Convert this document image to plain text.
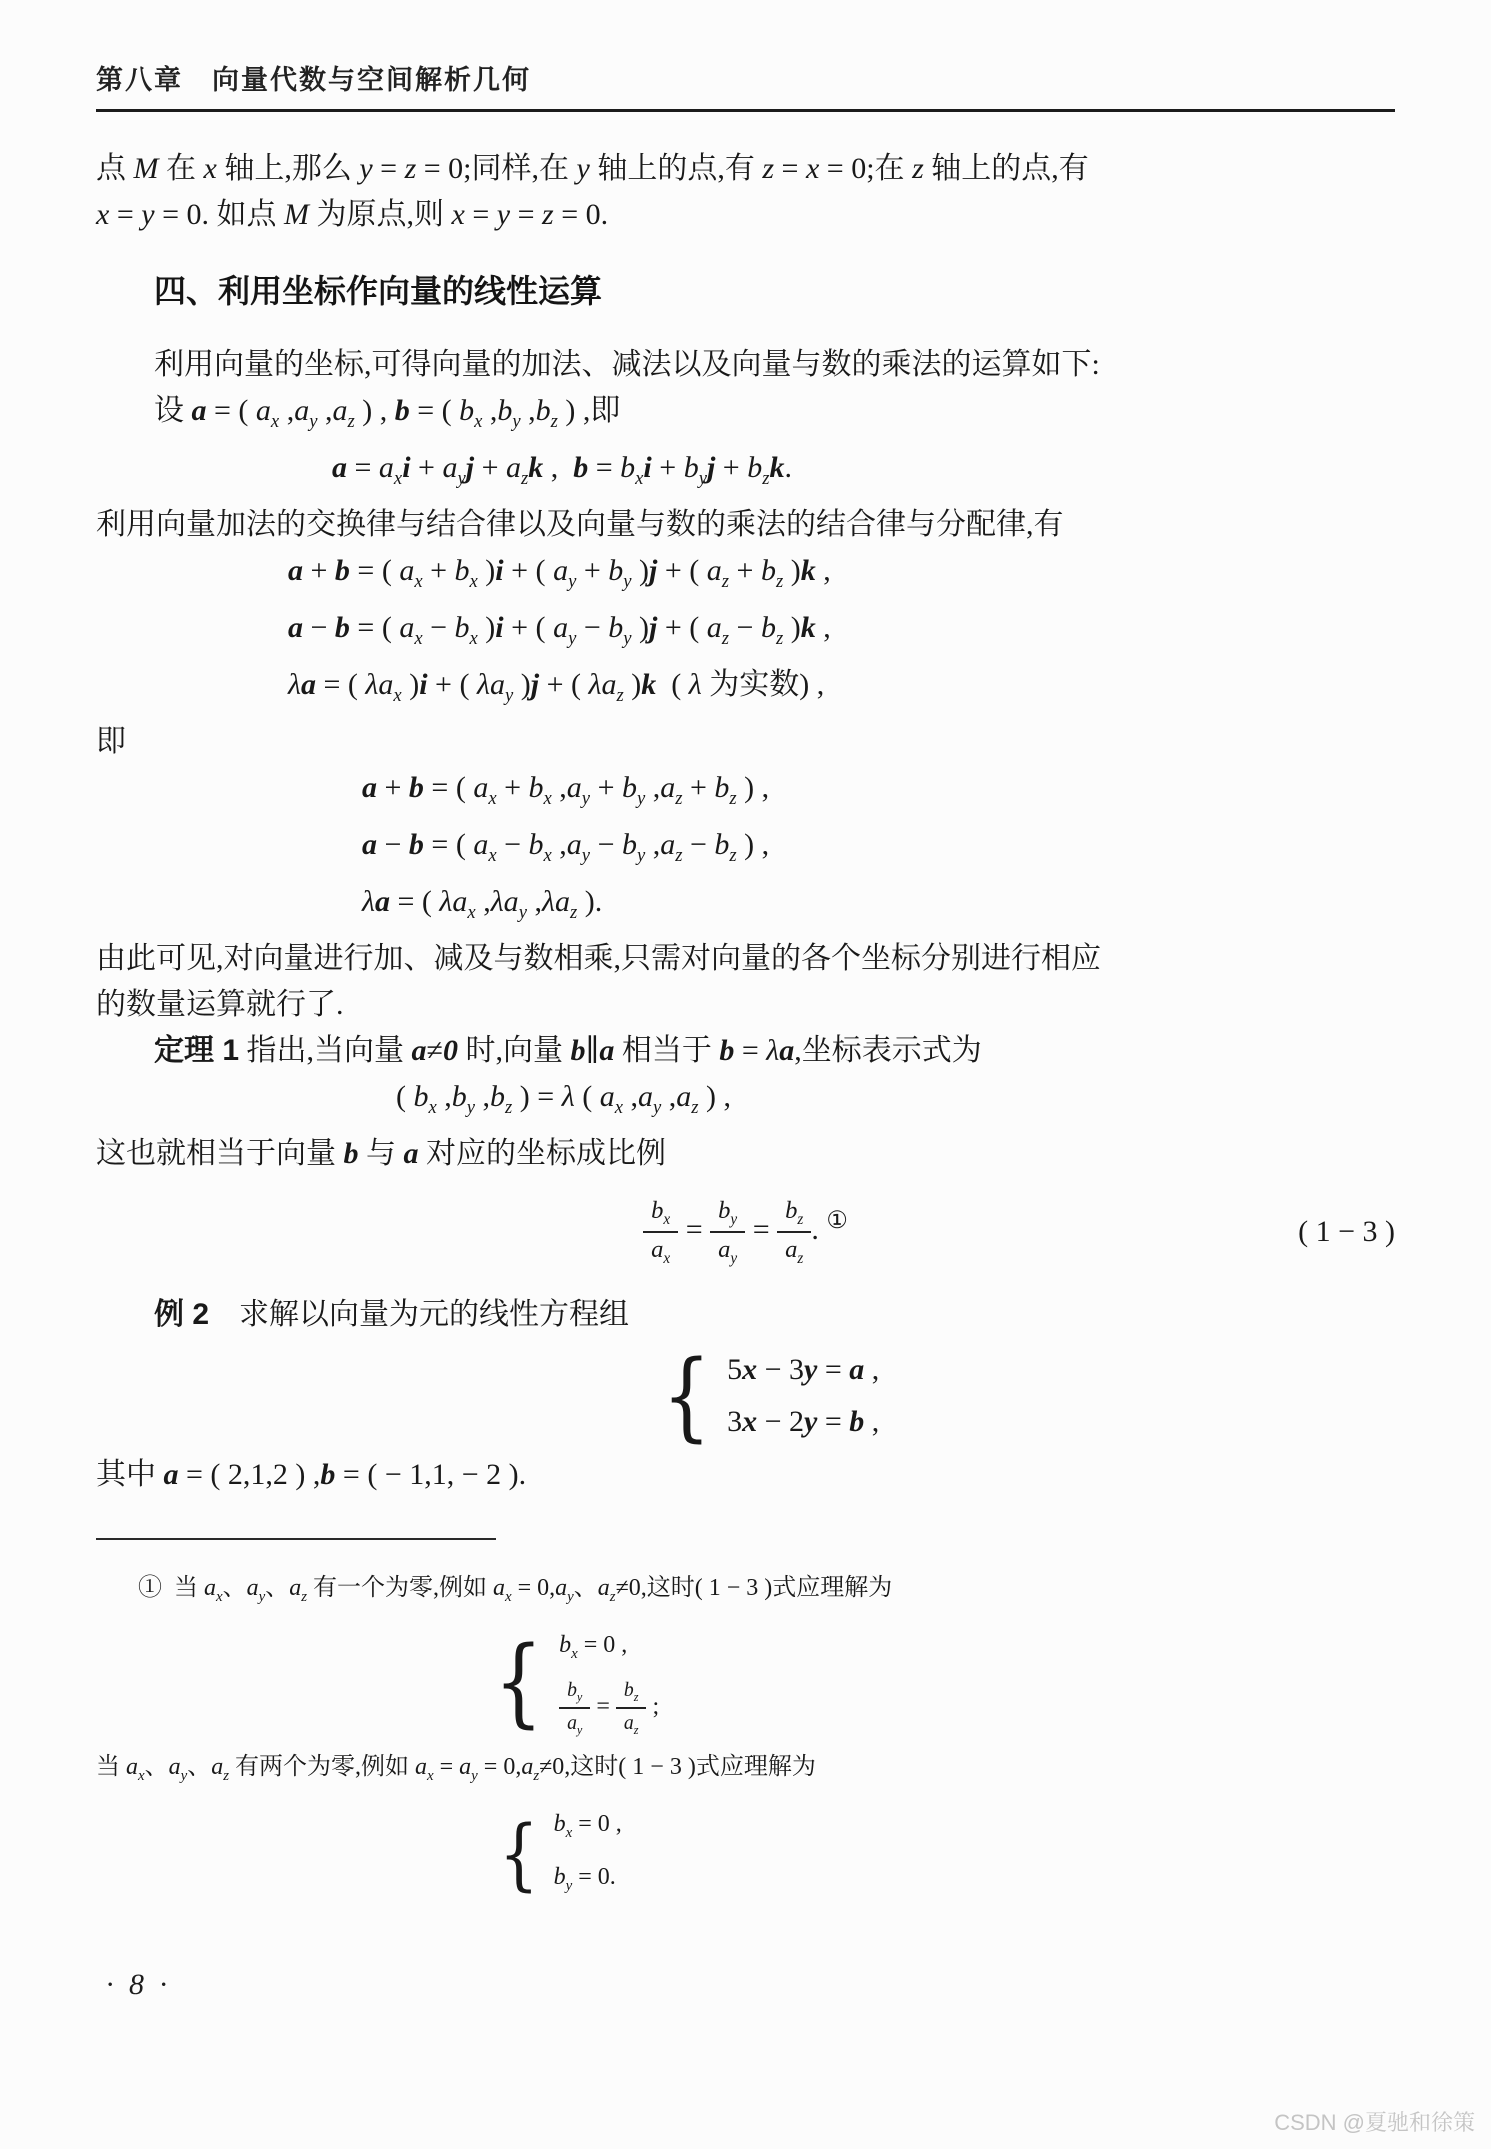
第八章　向量代数与空间解析几何

点 M 在 x 轴上,那么 y = z = 0;同样,在 y 轴上的点,有 z = x = 0;在 z 轴上的点,有

x = y = 0. 如点 M 为原点,则 x = y = z = 0.

四、利用坐标作向量的线性运算

利用向量的坐标,可得向量的加法、减法以及向量与数的乘法的运算如下:

设 a = ( $a_x$ $,a_y$ $,a_z$ ) , b = ( $b_x$ $,b_y$ $,b_z$ ) ,即

$a = a_xi + a_yj + a_zk$ ,  $b = b_xi + b_yj + b_zk$.

利用向量加法的交换律与结合律以及向量与数的乘法的结合律与分配律,有

a + b = ( $a_x + b_x$ )i + ( $a_y + b_y$ )j + ( $a_z + b_z$ )k ,

a − b = ( $a_x - b_x$ )i + ( $a_y - b_y$ )j + ( $a_z - b_z$ )k ,

λa = ( $\lambda a_x$ )i + ( $\lambda a_y$ )j + ( $\lambda a_z$ )k  ( λ 为实数) ,

即

a + b = ( $a_x + b_x$ $,a_y + b_y$ $,a_z + b_z$ ) ,

a − b = ( $a_x - b_x$ $,a_y - b_y$ $,a_z - b_z$ ) ,

λa = ( $\lambda a_x$ $,\lambda a_y$ $,\lambda a_z$ ).

由此可见,对向量进行加、减及与数相乘,只需对向量的各个坐标分别进行相应

的数量运算就行了.

定理 1 指出,当向量 a≠0 时,向量 b∥a 相当于 b = λa,坐标表示式为

( $b_x$ $,b_y$ $,b_z$ ) = λ ( $a_x$ $,a_y$ $,a_z$ ) ,

这也就相当于向量 b 与 a 对应的坐标成比例

$\frac{b_x}{a_x} = \frac{b_y}{a_y} = \frac{b_z}{a_z}$ . ①	( 1 − 3 )

例 2　求解以向量为元的线性方程组

{ 5x − 3y = a ,
3x − 2y = b ,

其中 a = ( 2,1,2 ) ,b = ( − 1,1, − 2 ).

①  当 $a_x$、$a_y$、$a_z$ 有一个为零,例如 $a_x = 0,a_y$、$a_z\ne 0$,这时( 1 − 3 )式应理解为

{ $b_x = 0$ ,
$\frac{b_y}{a_y} = \frac{b_z}{a_z}$ ;

当 $a_x$、$a_y$、$a_z$ 有两个为零,例如 $a_x = a_y = 0,a_z\ne 0$,这时( 1 − 3 )式应理解为

{ $b_x = 0$ ,
$b_y = 0$.
· 8 ·
CSDN @夏驰和徐策
